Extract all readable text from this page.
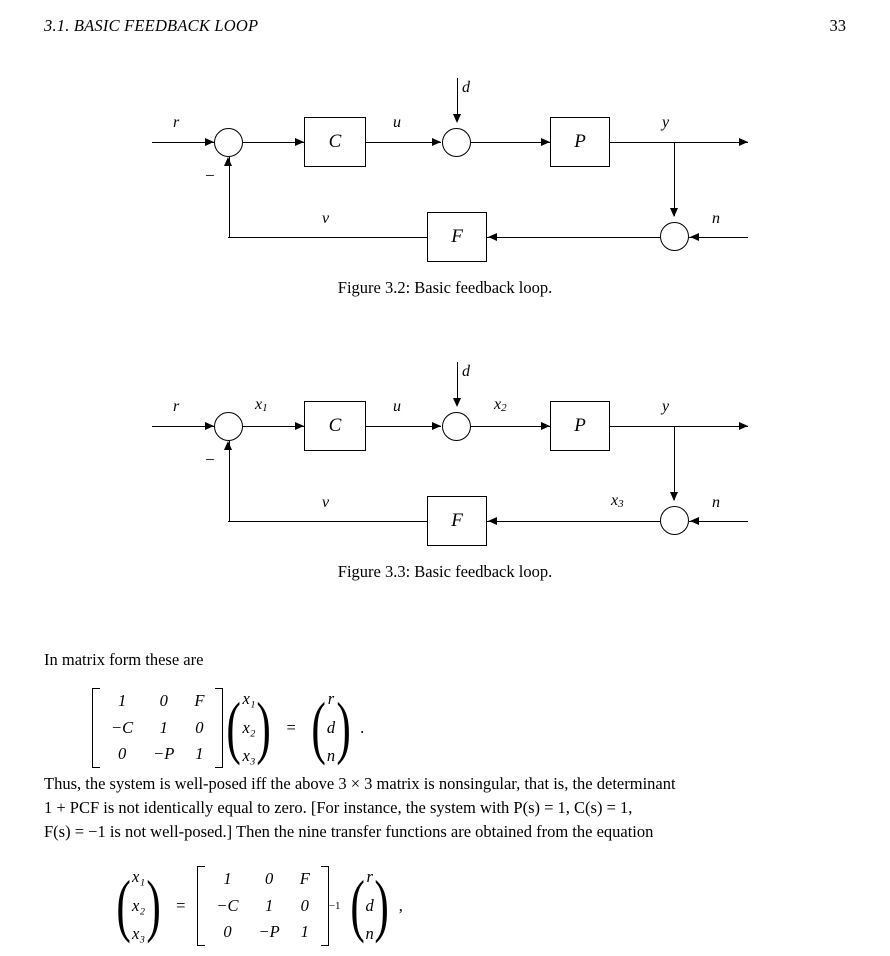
3.1. BASIC FEEDBACK LOOP	33
r
−
C
u
d
P
y
n
F
v
Figure 3.2: Basic feedback loop.
r
−
x1
C
u
d
x2
P
y
n
x3
F
v
Figure 3.3: Basic feedback loop.
In matrix form these are
1	0	F
−C	1	0
0	−P	1
( x₁
x₂
x₃
)
=
( r
d
n
)
.
Thus, the system is well-posed iff the above 3 × 3 matrix is nonsingular, that is, the determinant
1 + PCF is not identically equal to zero. [For instance, the system with P(s) = 1, C(s) = 1,
F(s) = −1 is not well-posed.] Then the nine transfer functions are obtained from the equation
( x₁
x₂
x₃
)
=
1	0	F
−C	1	0
0	−P	1
−1
( r
d
n
)
,
